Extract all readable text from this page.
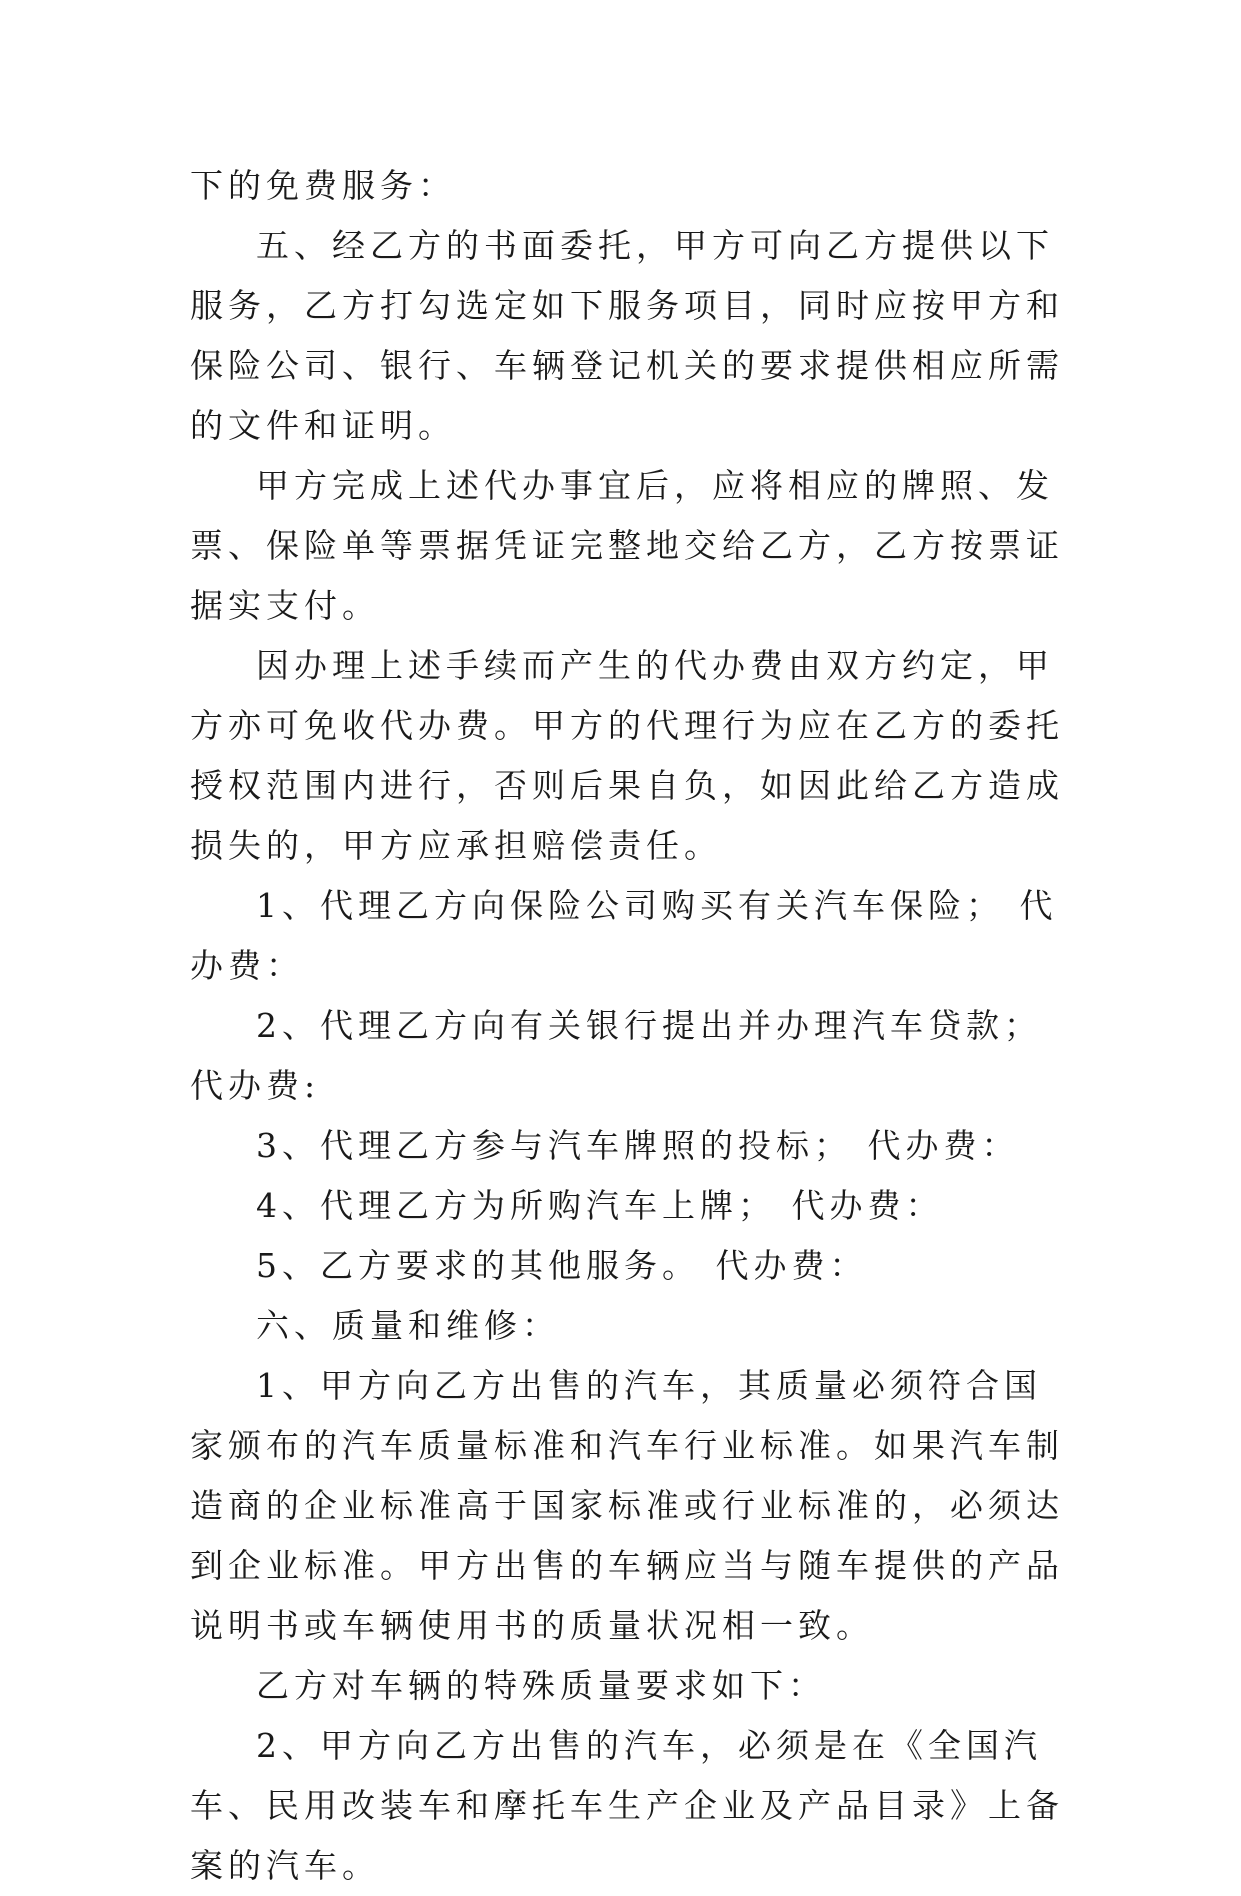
下的免费服务：

五、经乙方的书面委托，甲方可向乙方提供以下服务，乙方打勾选定如下服务项目，同时应按甲方和保险公司、银行、车辆登记机关的要求提供相应所需的文件和证明。

甲方完成上述代办事宜后，应将相应的牌照、发票、保险单等票据凭证完整地交给乙方，乙方按票证据实支付。

因办理上述手续而产生的代办费由双方约定，甲方亦可免收代办费。甲方的代理行为应在乙方的委托授权范围内进行，否则后果自负，如因此给乙方造成损失的，甲方应承担赔偿责任。

1、代理乙方向保险公司购买有关汽车保险； 代办费：

2、代理乙方向有关银行提出并办理汽车贷款； 代办费:

3、代理乙方参与汽车牌照的投标； 代办费：

4、代理乙方为所购汽车上牌； 代办费：

5、乙方要求的其他服务。 代办费：

六、质量和维修：

1、甲方向乙方出售的汽车，其质量必须符合国家颁布的汽车质量标准和汽车行业标准。如果汽车制造商的企业标准高于国家标准或行业标准的，必须达到企业标准。甲方出售的车辆应当与随车提供的产品说明书或车辆使用书的质量状况相一致。

乙方对车辆的特殊质量要求如下：

2、甲方向乙方出售的汽车，必须是在《全国汽车、民用改装车和摩托车生产企业及产品目录》上备案的汽车。
